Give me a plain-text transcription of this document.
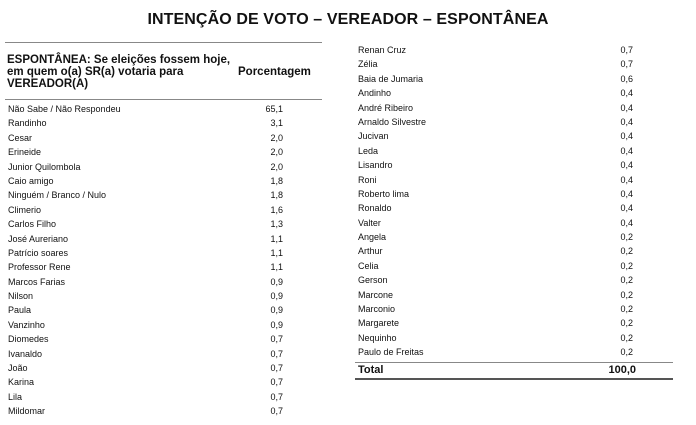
INTENÇÃO DE VOTO – VEREADOR – ESPONTÂNEA
ESPONTÂNEA: Se eleições fossem hoje, em quem o(a) SR(a) votaria para VEREADOR(A)
Porcentagem
Não Sabe / Não Respondeu	65,1
Randinho	3,1
Cesar	2,0
Erineide	2,0
Junior Quilombola	2,0
Caio amigo	1,8
Ninguém / Branco / Nulo	1,8
Climerio	1,6
Carlos Filho	1,3
José Aureriano	1,1
Patrício soares	1,1
Professor Rene	1,1
Marcos Farias	0,9
Nilson	0,9
Paula	0,9
Vanzinho	0,9
Diomedes	0,7
Ivanaldo	0,7
João	0,7
Karina	0,7
Lila	0,7
Mildomar	0,7
Renan Cruz	0,7
Zélia	0,7
Baia de Jumaria	0,6
Andinho	0,4
André Ribeiro	0,4
Arnaldo Silvestre	0,4
Jucivan	0,4
Leda	0,4
Lisandro	0,4
Roni	0,4
Roberto lima	0,4
Ronaldo	0,4
Valter	0,4
Angela	0,2
Arthur	0,2
Celia	0,2
Gerson	0,2
Marcone	0,2
Marconio	0,2
Margarete	0,2
Nequinho	0,2
Paulo de Freitas	0,2
Total	100,0
